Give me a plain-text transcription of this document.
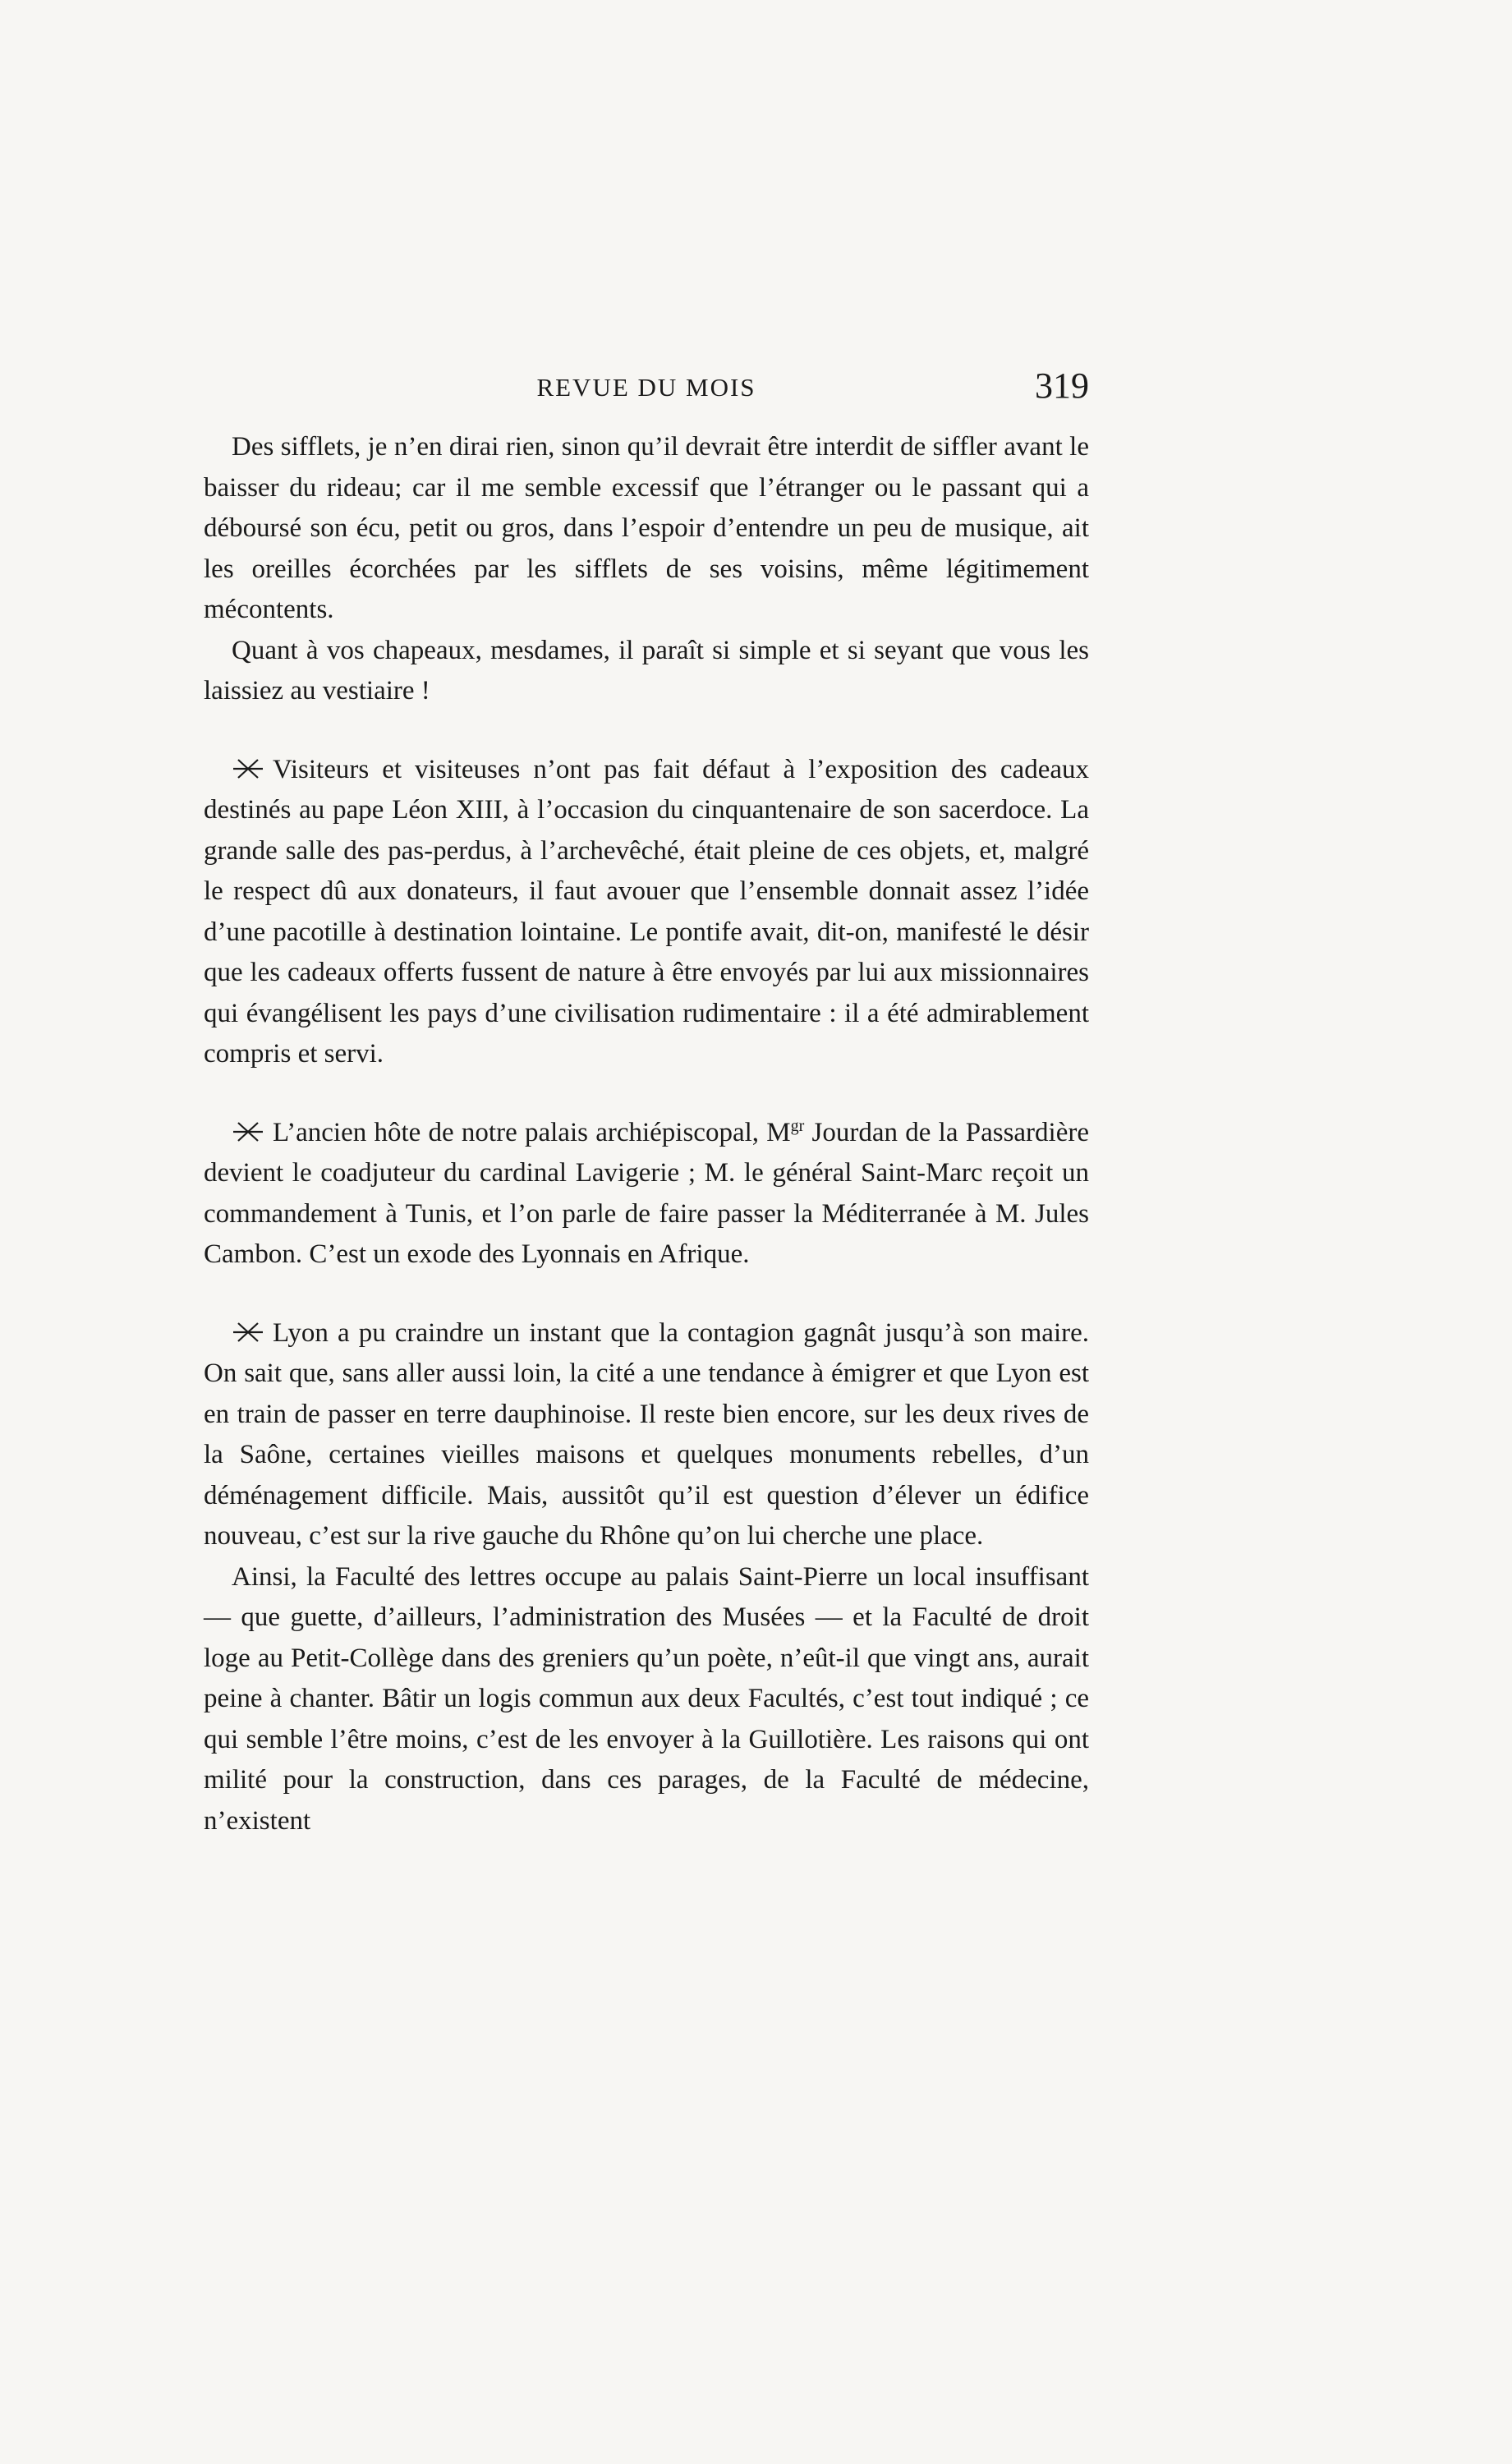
REVUE DU MOIS	319

Des sifflets, je n’en dirai rien, sinon qu’il devrait être interdit de siffler avant le baisser du rideau; car il me semble excessif que l’étranger ou le passant qui a déboursé son écu, petit ou gros, dans l’espoir d’entendre un peu de musique, ait les oreilles écorchées par les sifflets de ses voisins, même légitimement mécontents.

Quant à vos chapeaux, mesdames, il paraît si simple et si seyant que vous les laissiez au vestiaire !

Visiteurs et visiteuses n’ont pas fait défaut à l’exposition des cadeaux destinés au pape Léon XIII, à l’occasion du cinquantenaire de son sacerdoce. La grande salle des pas-perdus, à l’archevêché, était pleine de ces objets, et, malgré le respect dû aux donateurs, il faut avouer que l’ensemble donnait assez l’idée d’une pacotille à destination lointaine. Le pontife avait, dit-on, manifesté le désir que les cadeaux offerts fussent de nature à être envoyés par lui aux missionnaires qui évangélisent les pays d’une civilisation rudimentaire : il a été admirablement compris et servi.

L’ancien hôte de notre palais archiépiscopal, $M^{gr}$ Jourdan de la Passardière devient le coadjuteur du cardinal Lavigerie ; M. le général Saint-Marc reçoit un commandement à Tunis, et l’on parle de faire passer la Méditerranée à M. Jules Cambon. C’est un exode des Lyonnais en Afrique.

Lyon a pu craindre un instant que la contagion gagnât jusqu’à son maire. On sait que, sans aller aussi loin, la cité a une tendance à émigrer et que Lyon est en train de passer en terre dauphinoise. Il reste bien encore, sur les deux rives de la Saône, certaines vieilles maisons et quelques monuments rebelles, d’un déménagement difficile. Mais, aussitôt qu’il est question d’élever un édifice nouveau, c’est sur la rive gauche du Rhône qu’on lui cherche une place.

Ainsi, la Faculté des lettres occupe au palais Saint-Pierre un local insuffisant — que guette, d’ailleurs, l’administration des Musées — et la Faculté de droit loge au Petit-Collège dans des greniers qu’un poète, n’eût-il que vingt ans, aurait peine à chanter. Bâtir un logis commun aux deux Facultés, c’est tout indiqué ; ce qui semble l’être moins, c’est de les envoyer à la Guillotière. Les raisons qui ont milité pour la construction, dans ces parages, de la Faculté de médecine, n’existent
